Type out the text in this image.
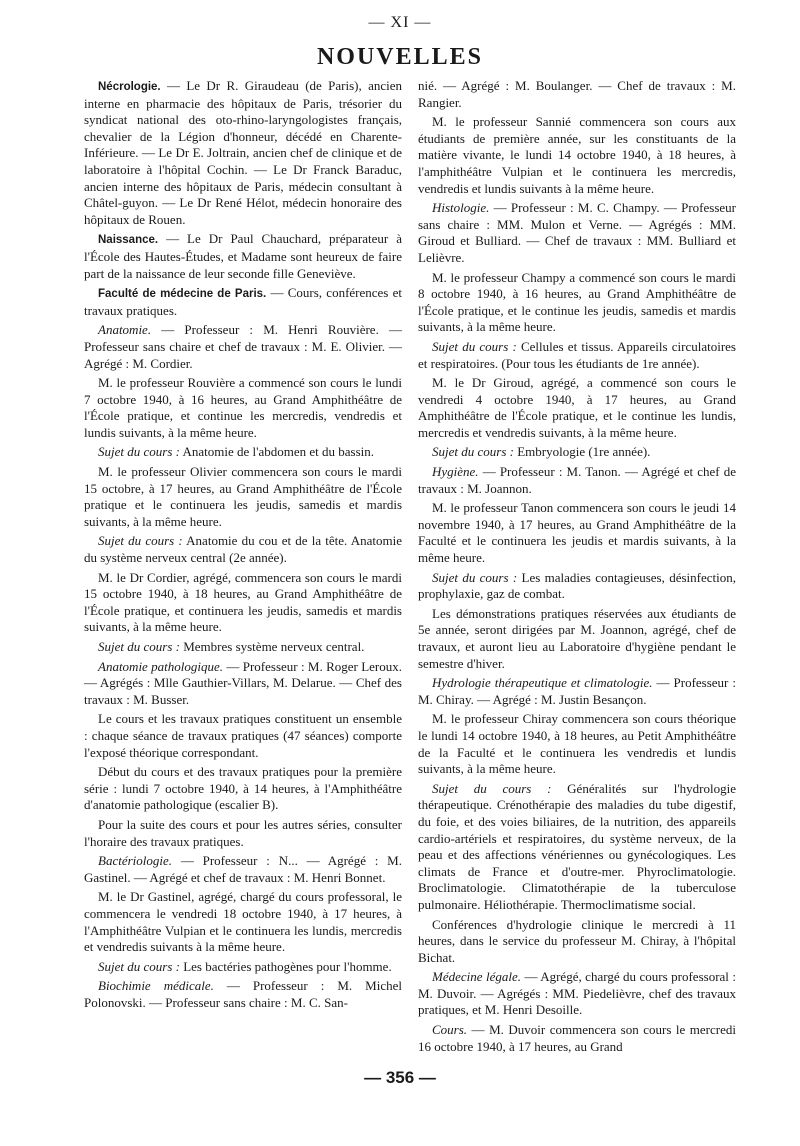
— XI —
NOUVELLES

Nécrologie. — Le Dr R. Giraudeau (de Paris), ancien interne en pharmacie des hôpitaux de Paris, trésorier du syndicat national des oto-rhino-laryngologistes français, chevalier de la Légion d'honneur, décédé en Charente-Inférieure. — Le Dr E. Joltrain, ancien chef de clinique et de laboratoire à l'hôpital Cochin. — Le Dr Franck Baraduc, ancien interne des hôpitaux de Paris, médecin consultant à Châtel-guyon. — Le Dr René Hélot, médecin honoraire des hôpitaux de Rouen.

Naissance. — Le Dr Paul Chauchard, préparateur à l'École des Hautes-Études, et Madame sont heureux de faire part de la naissance de leur seconde fille Geneviève.

Faculté de médecine de Paris. — Cours, conférences et travaux pratiques.

Anatomie. — Professeur : M. Henri Rouvière. — Professeur sans chaire et chef de travaux : M. E. Olivier. — Agrégé : M. Cordier.

M. le professeur Rouvière a commencé son cours le lundi 7 octobre 1940, à 16 heures, au Grand Amphithéâtre de l'École pratique, et continue les mercredis, vendredis et lundis suivants, à la même heure.

Sujet du cours : Anatomie de l'abdomen et du bassin.

M. le professeur Olivier commencera son cours le mardi 15 octobre, à 17 heures, au Grand Amphithéâtre de l'École pratique et le continuera les jeudis, samedis et mardis suivants, à la même heure.

Sujet du cours : Anatomie du cou et de la tête. Anatomie du système nerveux central (2e année).

M. le Dr Cordier, agrégé, commencera son cours le mardi 15 octobre 1940, à 18 heures, au Grand Amphithéâtre de l'École pratique, et continuera les jeudis, samedis et mardis suivants, à la même heure.

Sujet du cours : Membres système nerveux central.

Anatomie pathologique. — Professeur : M. Roger Leroux. — Agrégés : Mlle Gauthier-Villars, M. Delarue. — Chef des travaux : M. Busser.

Le cours et les travaux pratiques constituent un ensemble : chaque séance de travaux pratiques (47 séances) comporte l'exposé théorique correspondant.

Début du cours et des travaux pratiques pour la première série : lundi 7 octobre 1940, à 14 heures, à l'Amphithéâtre d'anatomie pathologique (escalier B).

Pour la suite des cours et pour les autres séries, consulter l'horaire des travaux pratiques.

Bactériologie. — Professeur : N... — Agrégé : M. Gastinel. — Agrégé et chef de travaux : M. Henri Bonnet.

M. le Dr Gastinel, agrégé, chargé du cours professoral, le commencera le vendredi 18 octobre 1940, à 17 heures, à l'Amphithéâtre Vulpian et le continuera les lundis, mercredis et vendredis suivants à la même heure.

Sujet du cours : Les bactéries pathogènes pour l'homme.

Biochimie médicale. — Professeur : M. Michel Polonovski. — Professeur sans chaire : M. C. San-

nié. — Agrégé : M. Boulanger. — Chef de travaux : M. Rangier.

M. le professeur Sannié commencera son cours aux étudiants de première année, sur les constituants de la matière vivante, le lundi 14 octobre 1940, à 18 heures, à l'amphithéâtre Vulpian et le continuera les mercredis, vendredis et lundis suivants à la même heure.

Histologie. — Professeur : M. C. Champy. — Professeur sans chaire : MM. Mulon et Verne. — Agrégés : MM. Giroud et Bulliard. — Chef de travaux : MM. Bulliard et Lelièvre.

M. le professeur Champy a commencé son cours le mardi 8 octobre 1940, à 16 heures, au Grand Amphithéâtre de l'École pratique, et le continue les jeudis, samedis et mardis suivants, à la même heure.

Sujet du cours : Cellules et tissus. Appareils circulatoires et respiratoires. (Pour tous les étudiants de 1re année).

M. le Dr Giroud, agrégé, a commencé son cours le vendredi 4 octobre 1940, à 17 heures, au Grand Amphithéâtre de l'École pratique, et le continue les lundis, mercredis et vendredis suivants, à la même heure.

Sujet du cours : Embryologie (1re année).

Hygiène. — Professeur : M. Tanon. — Agrégé et chef de travaux : M. Joannon.

M. le professeur Tanon commencera son cours le jeudi 14 novembre 1940, à 17 heures, au Grand Amphithéâtre de la Faculté et le continuera les jeudis et mardis suivants, à la même heure.

Sujet du cours : Les maladies contagieuses, désinfection, prophylaxie, gaz de combat.

Les démonstrations pratiques réservées aux étudiants de 5e année, seront dirigées par M. Joannon, agrégé, chef de travaux, et auront lieu au Laboratoire d'hygiène pendant le semestre d'hiver.

Hydrologie thérapeutique et climatologie. — Professeur : M. Chiray. — Agrégé : M. Justin Besançon.

M. le professeur Chiray commencera son cours théorique le lundi 14 octobre 1940, à 18 heures, au Petit Amphithéâtre de la Faculté et le continuera les vendredis et lundis suivants, à la même heure.

Sujet du cours : Généralités sur l'hydrologie thérapeutique. Crénothérapie des maladies du tube digestif, du foie, et des voies biliaires, de la nutrition, des appareils cardio-artériels et respiratoires, du système nerveux, de la peau et des affections vénériennes ou gynécologiques. Les climats de France et d'outre-mer. Phyroclimatologie. Broclimatologie. Climatothérapie de la tuberculose pulmonaire. Héliothérapie. Thermoclimatisme social.

Conférences d'hydrologie clinique le mercredi à 11 heures, dans le service du professeur M. Chiray, à l'hôpital Bichat.

Médecine légale. — Agrégé, chargé du cours professoral : M. Duvoir. — Agrégés : MM. Piedelièvre, chef des travaux pratiques, et M. Henri Desoille.

Cours. — M. Duvoir commencera son cours le mercredi 16 octobre 1940, à 17 heures, au Grand

— 356 —
